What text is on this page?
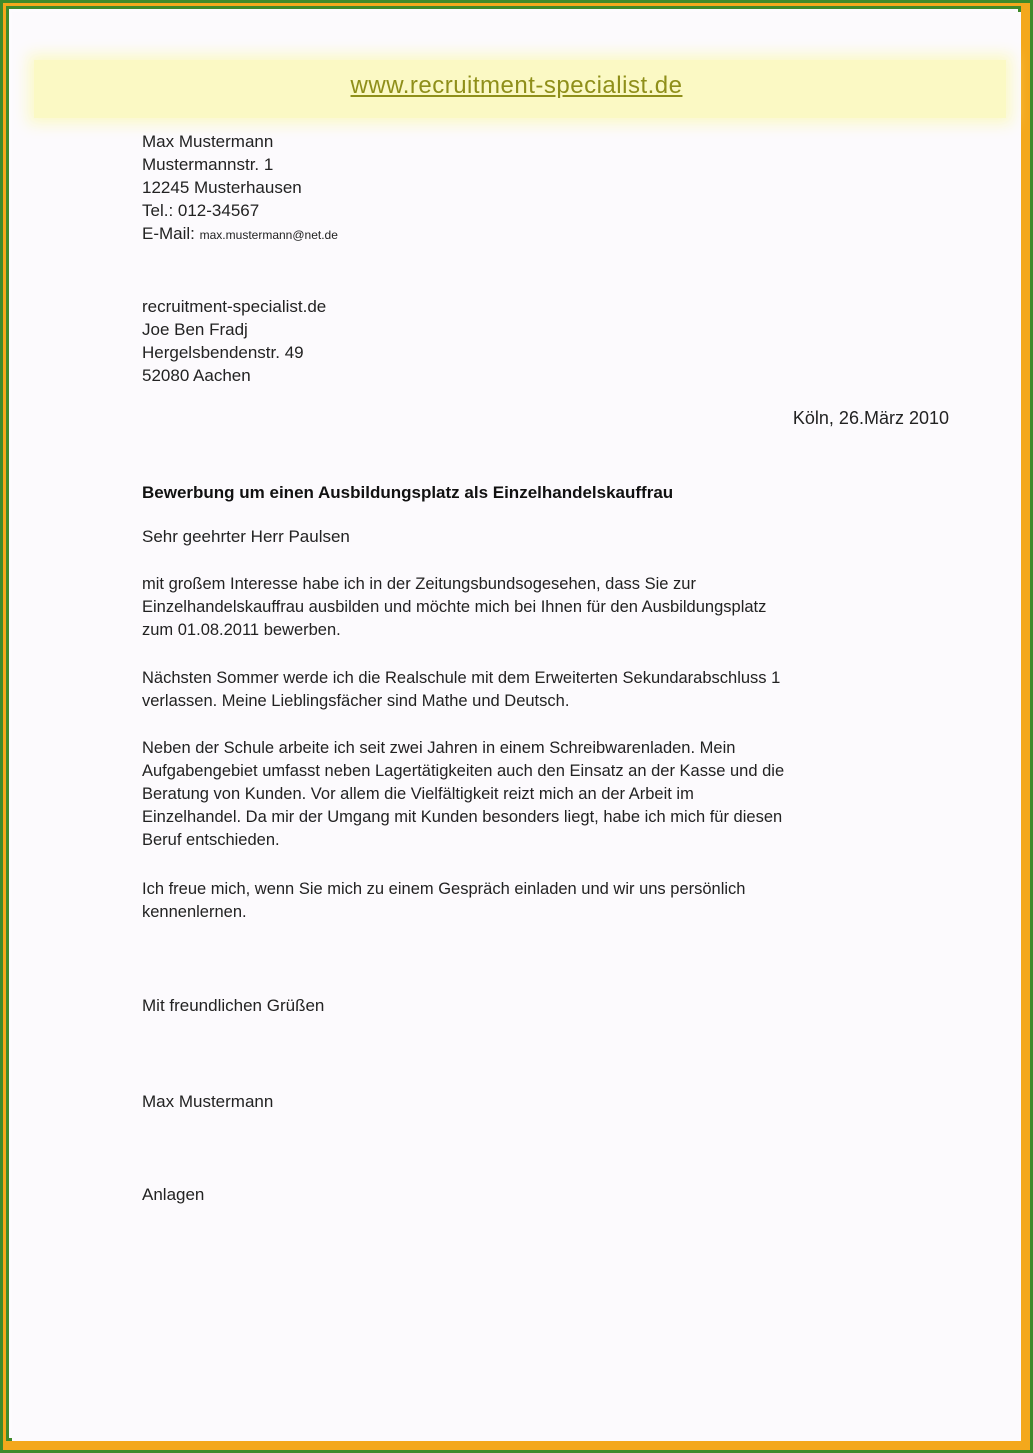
www.recruitment-specialist.de
Max Mustermann
Mustermannstr. 1
12245 Musterhausen
Tel.: 012-34567
E-Mail: max.mustermann@net.de
recruitment-specialist.de
Joe Ben Fradj
Hergelsbendenstr. 49
52080 Aachen
Köln, 26.März 2010
Bewerbung um einen Ausbildungsplatz als Einzelhandelskauffrau
Sehr geehrter Herr Paulsen
mit großem Interesse habe ich in der Zeitungsbundsogesehen, dass Sie zur
Einzelhandelskauffrau ausbilden und möchte mich bei Ihnen für den Ausbildungsplatz
zum 01.08.2011 bewerben.
Nächsten Sommer werde ich die Realschule mit dem Erweiterten Sekundarabschluss 1
verlassen. Meine Lieblingsfächer sind Mathe und Deutsch.
Neben der Schule arbeite ich seit zwei Jahren in einem Schreibwarenladen. Mein
Aufgabengebiet umfasst neben Lagertätigkeiten auch den Einsatz an der Kasse und die
Beratung von Kunden. Vor allem die Vielfältigkeit reizt mich an der Arbeit im
Einzelhandel. Da mir der Umgang mit Kunden besonders liegt, habe ich mich für diesen
Beruf entschieden.
Ich freue mich, wenn Sie mich zu einem Gespräch einladen und wir uns persönlich
kennenlernen.
Mit freundlichen Grüßen
Max Mustermann
Anlagen
